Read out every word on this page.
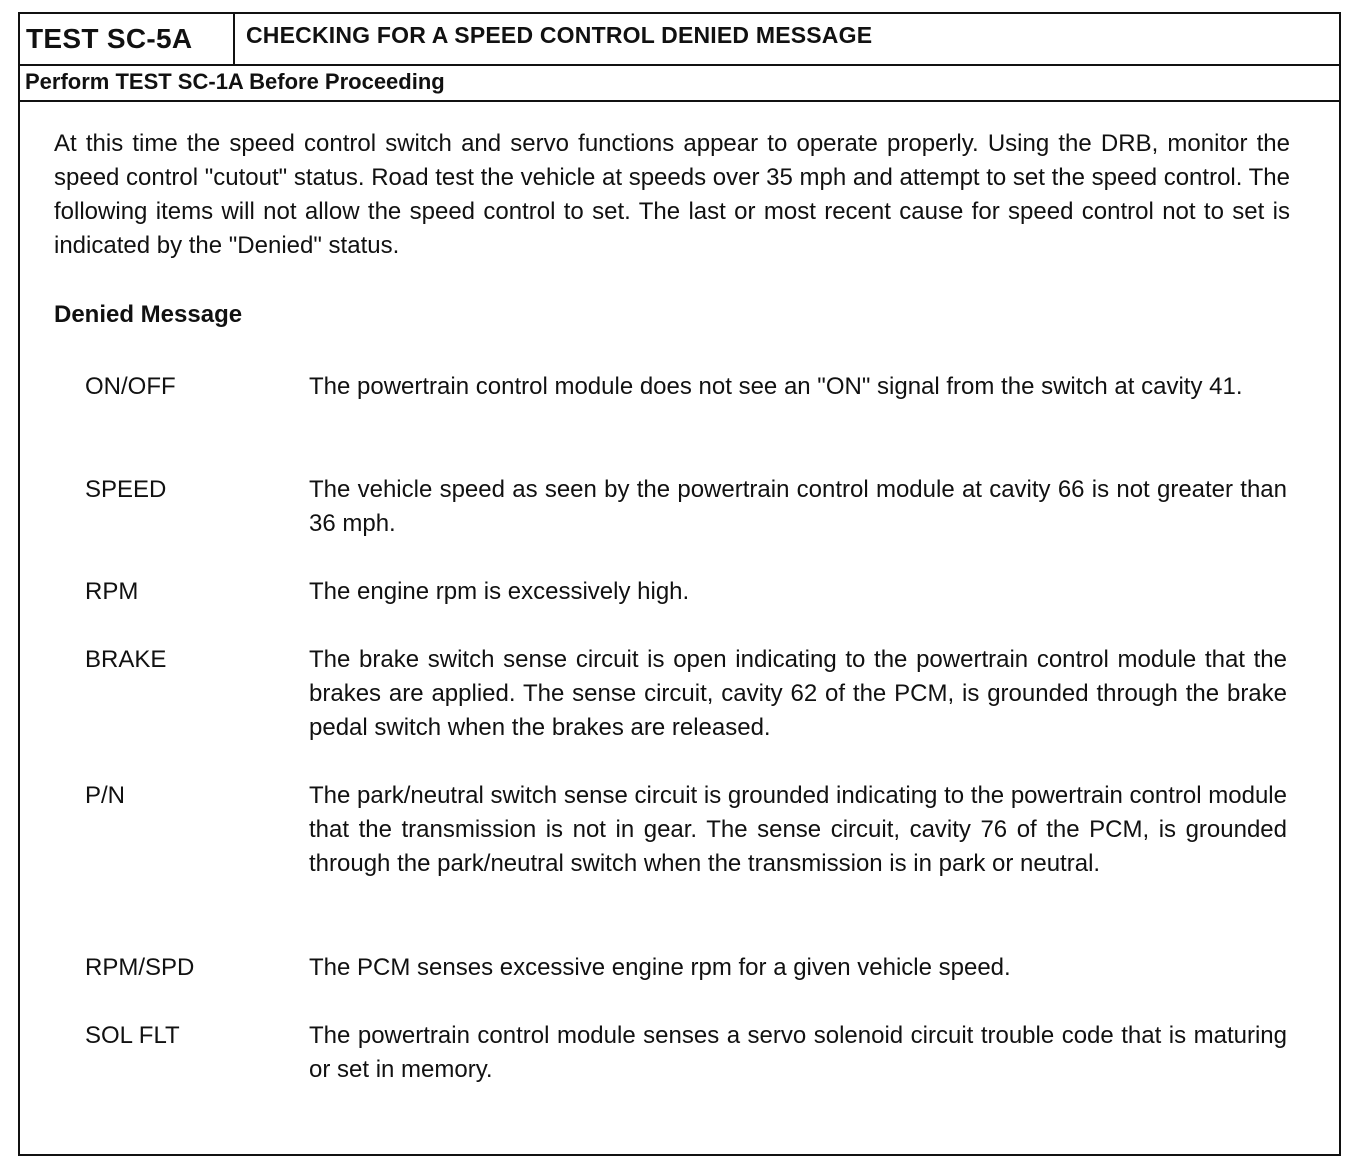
TEST SC-5A	CHECKING FOR A SPEED CONTROL DENIED MESSAGE
Perform TEST SC-1A Before Proceeding

At this time the speed control switch and servo functions appear to operate properly. Using the DRB, monitor the speed control "cutout" status. Road test the vehicle at speeds over 35 mph and attempt to set the speed control. The following items will not allow the speed control to set. The last or most recent cause for speed control not to set is indicated by the "Denied" status.

Denied Message

ON/OFF	The powertrain control module does not see an "ON" signal from the switch at cavity 41.

SPEED	The vehicle speed as seen by the powertrain control module at cavity 66 is not greater than 36 mph.

RPM	The engine rpm is excessively high.

BRAKE	The brake switch sense circuit is open indicating to the powertrain control module that the brakes are applied. The sense circuit, cavity 62 of the PCM, is grounded through the brake pedal switch when the brakes are released.

P/N	The park/neutral switch sense circuit is grounded indicating to the powertrain control module that the transmission is not in gear. The sense circuit, cavity 76 of the PCM, is grounded through the park/neutral switch when the transmission is in park or neutral.

RPM/SPD	The PCM senses excessive engine rpm for a given vehicle speed.

SOL FLT	The powertrain control module senses a servo solenoid circuit trouble code that is maturing or set in memory.
